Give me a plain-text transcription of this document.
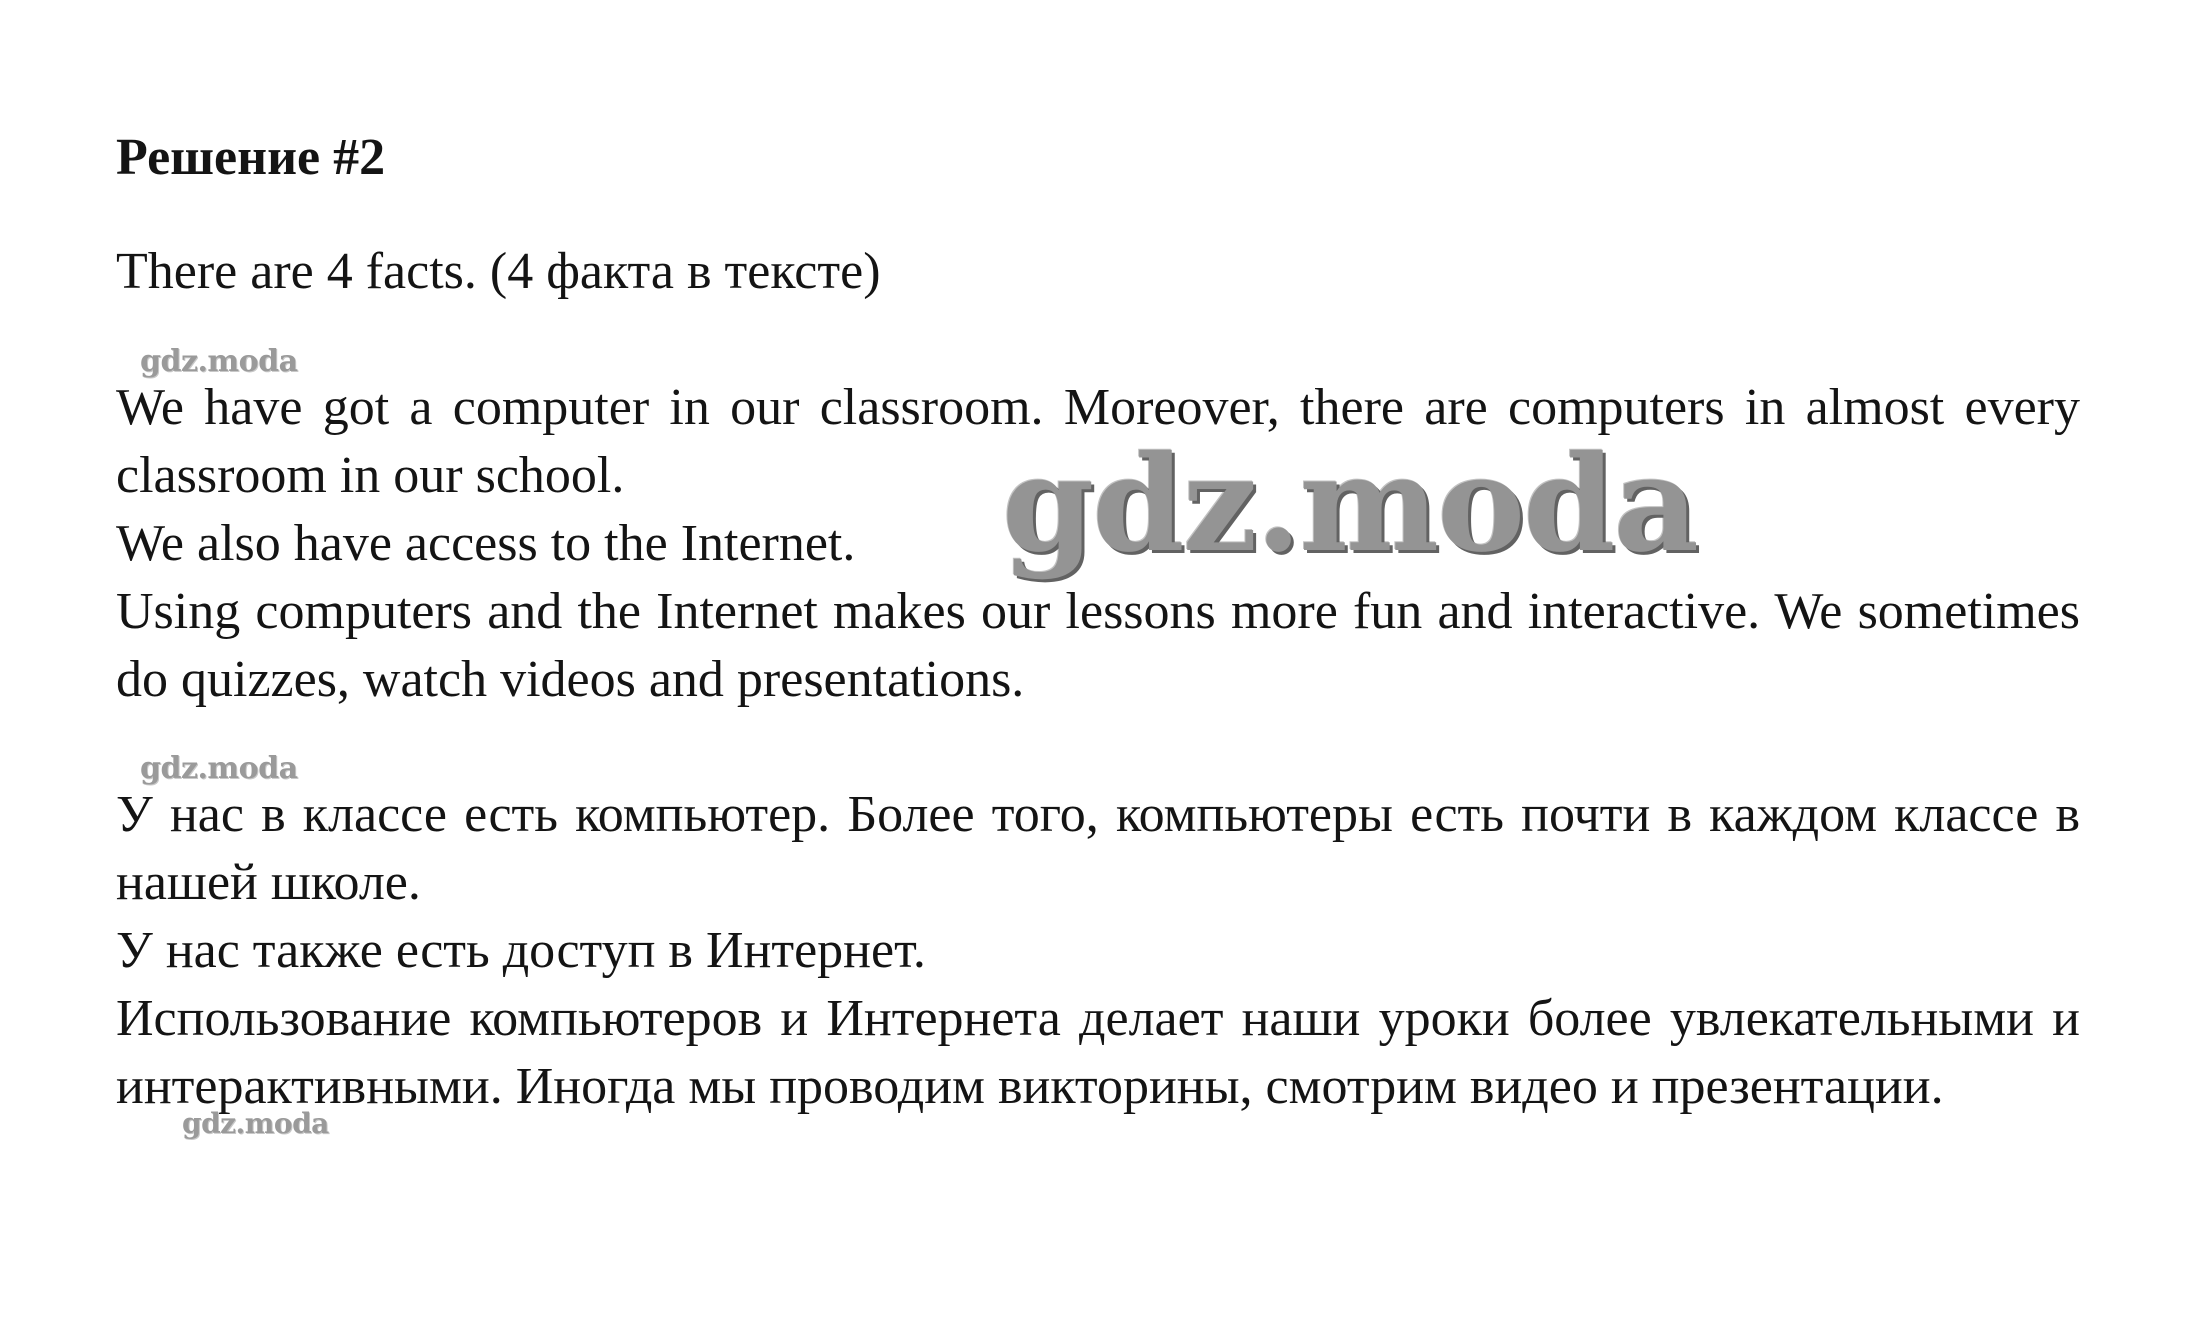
Решение #2

There are 4 facts. (4 факта в тексте)

gdz.moda

We have got a computer in our classroom. Moreover, there are computers in almost every classroom in our school.

We also have access to the Internet.

Using computers and the Internet makes our lessons more fun and interactive. We sometimes do quizzes, watch videos and presentations.

gdz.moda
gdz.moda

У нас в классе есть компьютер. Более того, компьютеры есть почти в каждом классе в нашей школе.

У нас также есть доступ в Интернет.

Использование компьютеров и Интернета делает наши уроки более увлекательными и интерактивными. Иногда мы проводим викторины, смотрим видео и презентации.

gdz.moda
